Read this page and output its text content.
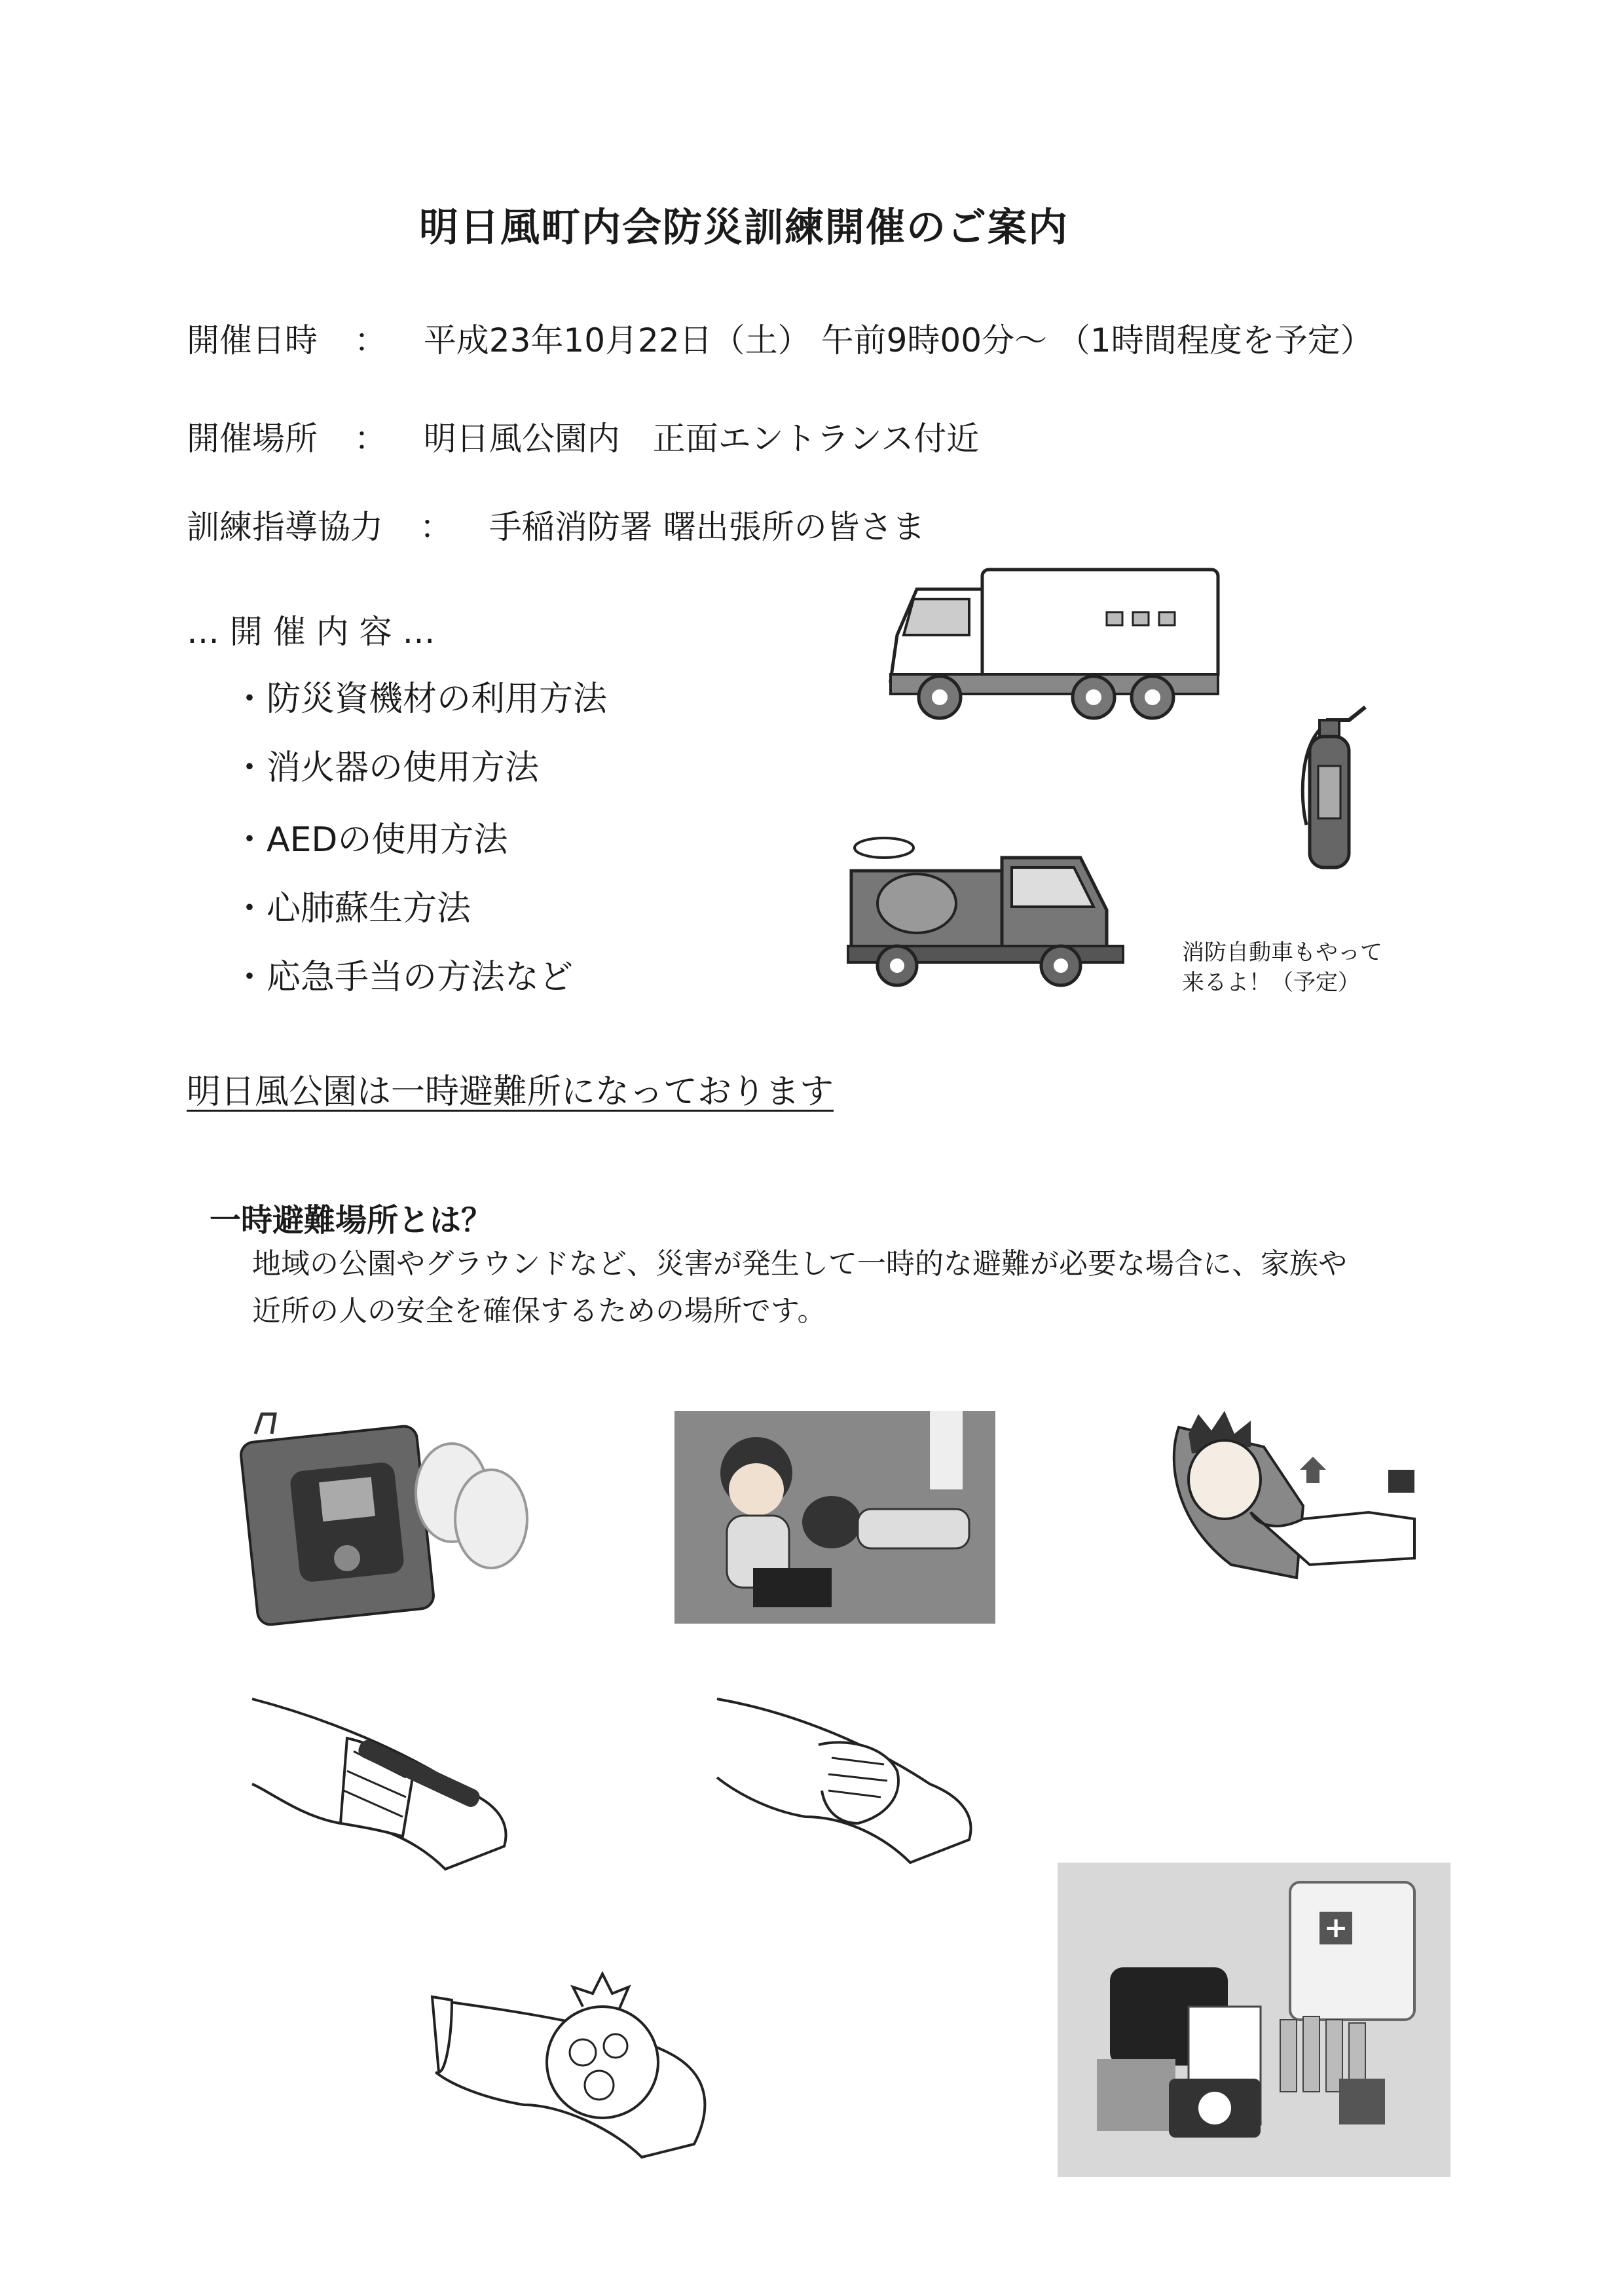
明日風町内会防災訓練開催のご案内
開催日時 ： 平成23年10月22日（土） 午前9時00分～ （1時間程度を予定）
開催場所 ： 明日風公園内　正面エントランス付近
訓練指導協力 ： 手稲消防署 曙出張所の皆さま
… 開 催 内 容 …
・防災資機材の利用方法
・消火器の使用方法
・AEDの使用方法
・心肺蘇生方法
・応急手当の方法など
消防自動車もやって
来るよ！（予定）
明日風公園は一時避難所になっております
一時避難場所とは？
地域の公園やグラウンドなど、災害が発生して一時的な避難が必要な場合に、家族や
近所の人の安全を確保するための場所です。
+
